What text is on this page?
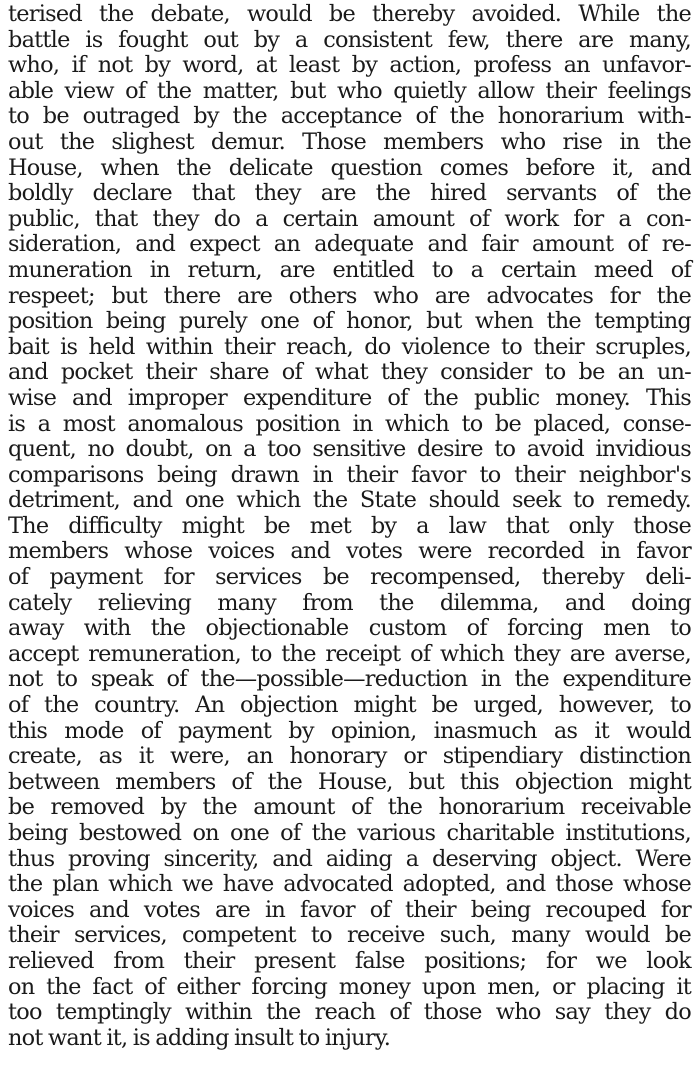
terised the debate, would be thereby avoided. While the
battle is fought out by a consistent few, there are many,
who, if not by word, at least by action, profess an unfavor-
able view of the matter, but who quietly allow their feelings
to be outraged by the acceptance of the honorarium with-
out the slighest demur. Those members who rise in the
House, when the delicate question comes before it, and
boldly declare that they are the hired servants of the
public, that they do a certain amount of work for a con-
sideration, and expect an adequate and fair amount of re-
muneration in return, are entitled to a certain meed of
respeet; but there are others who are advocates for the
position being purely one of honor, but when the tempting
bait is held within their reach, do violence to their scruples,
and pocket their share of what they consider to be an un-
wise and improper expenditure of the public money. This
is a most anomalous position in which to be placed, conse-
quent, no doubt, on a too sensitive desire to avoid invidious
comparisons being drawn in their favor to their neighbor's
detriment, and one which the State should seek to remedy.
The difficulty might be met by a law that only those
members whose voices and votes were recorded in favor
of payment for services be recompensed, thereby deli-
cately relieving many from the dilemma, and doing
away with the objectionable custom of forcing men to
accept remuneration, to the receipt of which they are averse,
not to speak of the—possible—reduction in the expenditure
of the country. An objection might be urged, however, to
this mode of payment by opinion, inasmuch as it would
create, as it were, an honorary or stipendiary distinction
between members of the House, but this objection might
be removed by the amount of the honorarium receivable
being bestowed on one of the various charitable institutions,
thus proving sincerity, and aiding a deserving object. Were
the plan which we have advocated adopted, and those whose
voices and votes are in favor of their being recouped for
their services, competent to receive such, many would be
relieved from their present false positions; for we look
on the fact of either forcing money upon men, or placing it
too temptingly within the reach of those who say they do
not want it, is adding insult to injury.
